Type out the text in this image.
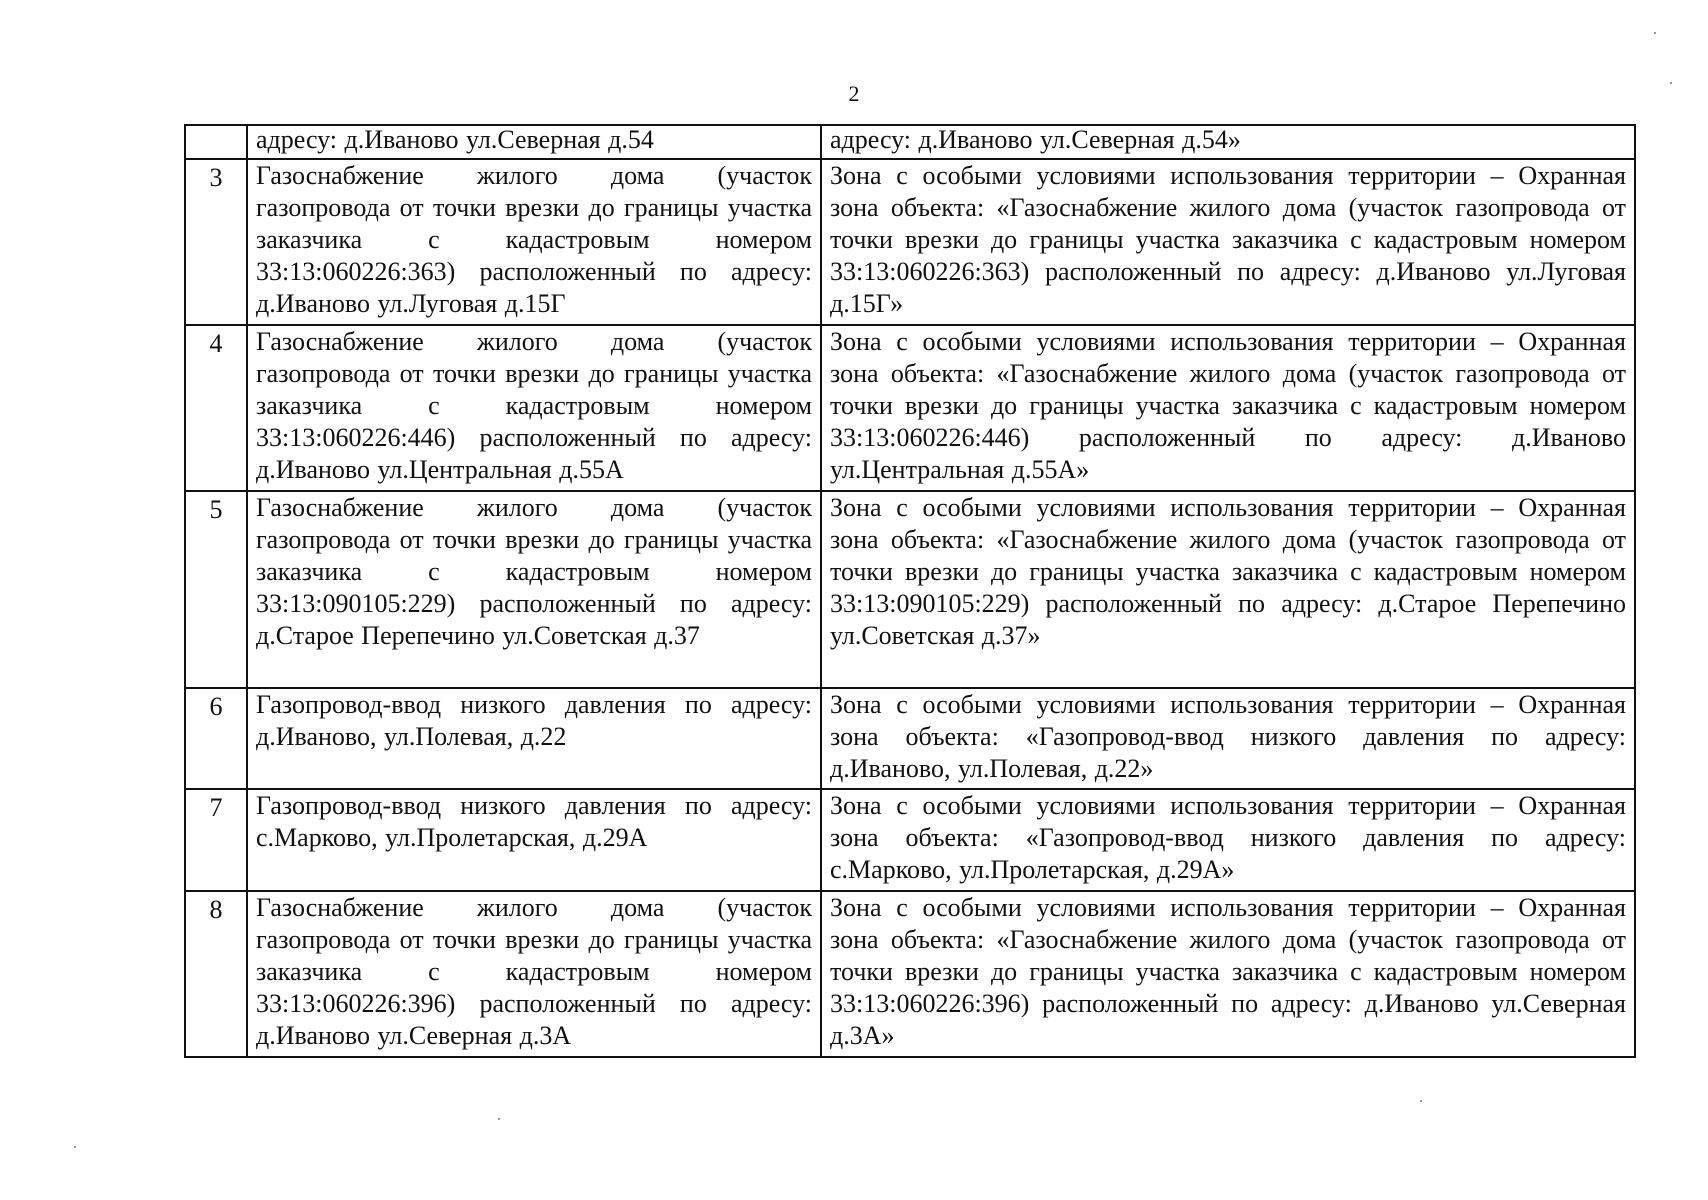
2
	адресу: д.Иваново ул.Северная д.54	адресу: д.Иваново ул.Северная д.54»
3	Газоснабжение жилого дома (участок газопровода от точки врезки до границы участка заказчика с кадастровым номером 33:13:060226:363) расположенный по адресу: д.Иваново ул.Луговая д.15Г	Зона с особыми условиями использования территории – Охранная зона объекта: «Газоснабжение жилого дома (участок газопровода от точки врезки до границы участка заказчика с кадастровым номером 33:13:060226:363) расположенный по адресу: д.Иваново ул.Луговая д.15Г»
4	Газоснабжение жилого дома (участок газопровода от точки врезки до границы участка заказчика с кадастровым номером 33:13:060226:446) расположенный по адресу: д.Иваново ул.Центральная д.55А	Зона с особыми условиями использования территории – Охранная зона объекта: «Газоснабжение жилого дома (участок газопровода от точки врезки до границы участка заказчика с кадастровым номером 33:13:060226:446) расположенный по адресу: д.Иваново ул.Центральная д.55А»
5	Газоснабжение жилого дома (участок газопровода от точки врезки до границы участка заказчика с кадастровым номером 33:13:090105:229) расположенный по адресу: д.Старое Перепечино ул.Советская д.37	Зона с особыми условиями использования территории – Охранная зона объекта: «Газоснабжение жилого дома (участок газопровода от точки врезки до границы участка заказчика с кадастровым номером 33:13:090105:229) расположенный по адресу: д.Старое Перепечино ул.Советская д.37»
6	Газопровод-ввод низкого давления по адресу: д.Иваново, ул.Полевая, д.22	Зона с особыми условиями использования территории – Охранная зона объекта: «Газопровод-ввод низкого давления по адресу: д.Иваново, ул.Полевая, д.22»
7	Газопровод-ввод низкого давления по адресу: с.Марково, ул.Пролетарская, д.29А	Зона с особыми условиями использования территории – Охранная зона объекта: «Газопровод-ввод низкого давления по адресу: с.Марково, ул.Пролетарская, д.29А»
8	Газоснабжение жилого дома (участок газопровода от точки врезки до границы участка заказчика с кадастровым номером 33:13:060226:396) расположенный по адресу: д.Иваново ул.Северная д.3А	Зона с особыми условиями использования территории – Охранная зона объекта: «Газоснабжение жилого дома (участок газопровода от точки врезки до границы участка заказчика с кадастровым номером 33:13:060226:396) расположенный по адресу: д.Иваново ул.Северная д.3А»
